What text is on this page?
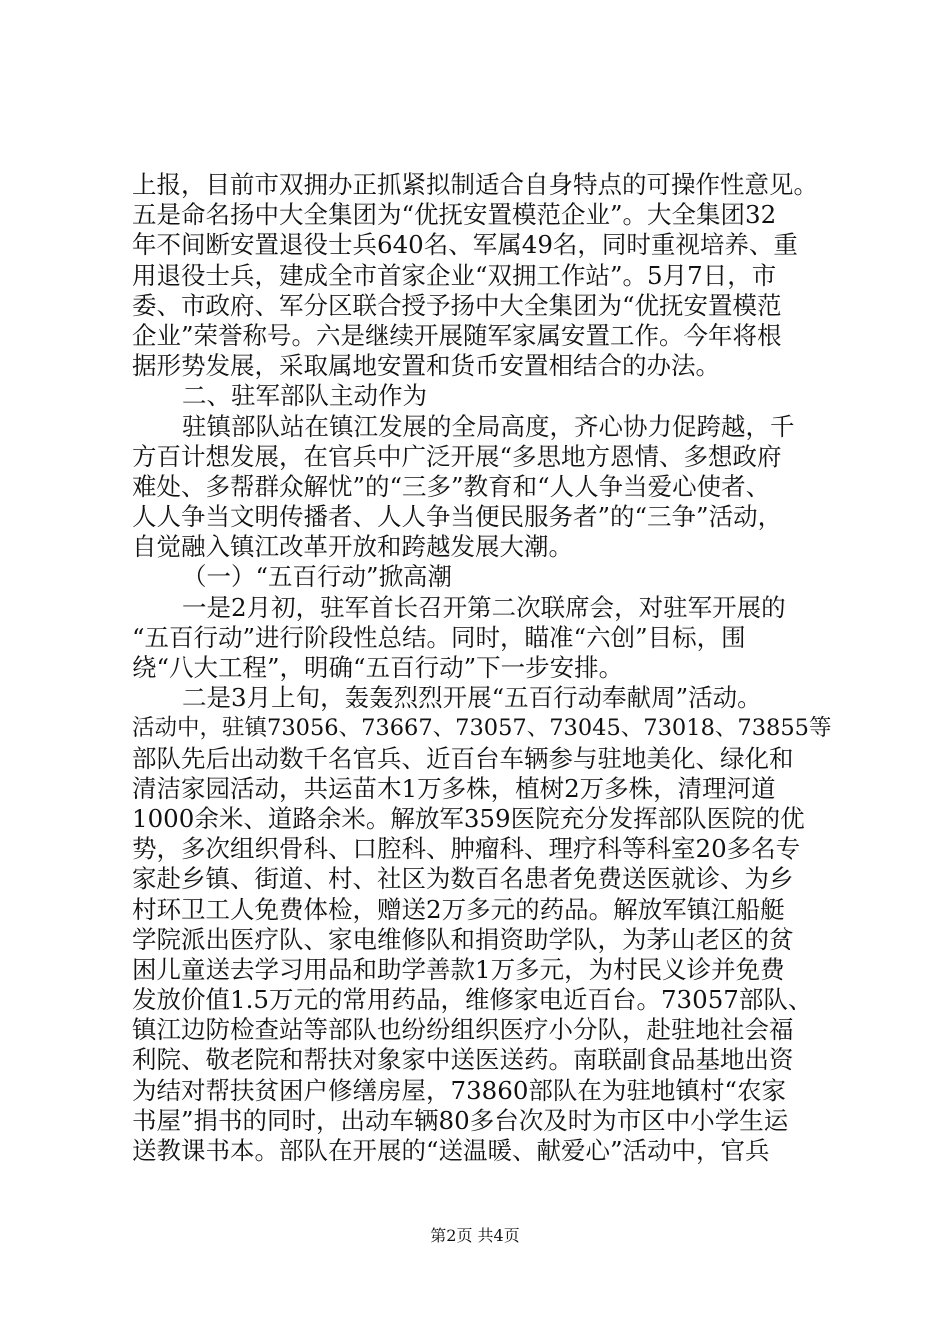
上报，目前市双拥办正抓紧拟制适合自身特点的可操作性意见。
五是命名扬中大全集团为“优抚安置模范企业”。大全集团32
年不间断安置退役士兵640名、军属49名，同时重视培养、重
用退役士兵，建成全市首家企业“双拥工作站”。5月7日，市
委、市政府、军分区联合授予扬中大全集团为“优抚安置模范
企业”荣誉称号。六是继续开展随军家属安置工作。今年将根
据形势发展，采取属地安置和货币安置相结合的办法。
二、驻军部队主动作为
驻镇部队站在镇江发展的全局高度，齐心协力促跨越，千
方百计想发展，在官兵中广泛开展“多思地方恩情、多想政府
难处、多帮群众解忧”的“三多”教育和“人人争当爱心使者、
人人争当文明传播者、人人争当便民服务者”的“三争”活动，
自觉融入镇江改革开放和跨越发展大潮。
（一）“五百行动”掀高潮
一是2月初，驻军首长召开第二次联席会，对驻军开展的
“五百行动”进行阶段性总结。同时，瞄准“六创”目标，围
绕“八大工程”，明确“五百行动”下一步安排。
二是3月上旬，轰轰烈烈开展“五百行动奉献周”活动。
活动中，驻镇73056、73667、73057、73045、73018、73855等
部队先后出动数千名官兵、近百台车辆参与驻地美化、绿化和
清洁家园活动，共运苗木1万多株，植树2万多株，清理河道
1000余米、道路余米。解放军359医院充分发挥部队医院的优
势，多次组织骨科、口腔科、肿瘤科、理疗科等科室20多名专
家赴乡镇、街道、村、社区为数百名患者免费送医就诊、为乡
村环卫工人免费体检，赠送2万多元的药品。解放军镇江船艇
学院派出医疗队、家电维修队和捐资助学队，为茅山老区的贫
困儿童送去学习用品和助学善款1万多元，为村民义诊并免费
发放价值1.5万元的常用药品，维修家电近百台。73057部队、
镇江边防检查站等部队也纷纷组织医疗小分队，赴驻地社会福
利院、敬老院和帮扶对象家中送医送药。南联副食品基地出资
为结对帮扶贫困户修缮房屋，73860部队在为驻地镇村“农家
书屋”捐书的同时，出动车辆80多台次及时为市区中小学生运
送教课书本。部队在开展的“送温暖、献爱心”活动中，官兵
第2页 共4页
